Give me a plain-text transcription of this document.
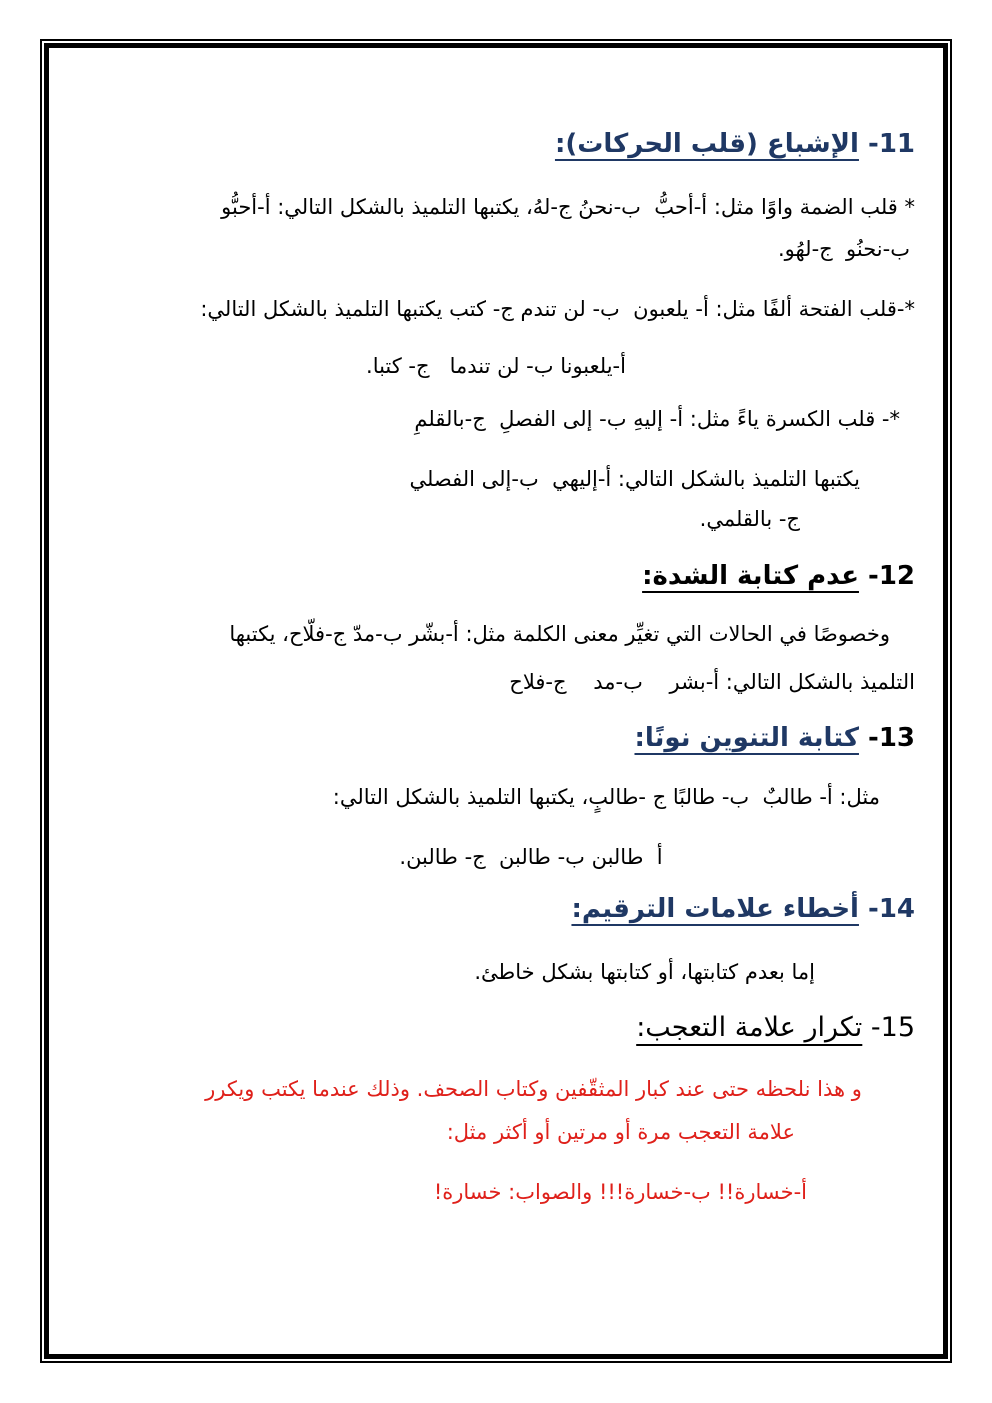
11- الإشباع (قلب الحركات):
* قلب الضمة واوًا مثل: أ-أحبُّ  ب-نحنُ ج-لهُ، يكتبها التلميذ بالشكل التالي: أ-أحبُّو
ب-نحنُو  ج-لهُو.
*-قلب الفتحة ألفًا مثل: أ- يلعبون  ب- لن تندم ج- كتب يكتبها التلميذ بالشكل التالي:
أ-يلعبونا ب- لن تندما   ج- كتبا.
*- قلب الكسرة ياءً مثل: أ- إليهِ ب- إلى الفصلِ  ج-بالقلمِ
يكتبها التلميذ بالشكل التالي: أ-إليهي  ب-إلى الفصلي
ج- بالقلمي.
12- عدم كتابة الشدة:
وخصوصًا في الحالات التي تغيِّر معنى الكلمة مثل: أ-بشّر ب-مدّ ج-فلّاح، يكتبها
التلميذ بالشكل التالي: أ-بشر    ب-مد    ج-فلاح
13- كتابة التنوين نونًا:
مثل: أ- طالبٌ  ب- طالبًا ج -طالبٍ، يكتبها التلميذ بالشكل التالي:
أ  طالبن ب- طالبن  ج- طالبن.
14- أخطاء علامات الترقيم:
إما بعدم كتابتها، أو كتابتها بشكل خاطئ.
15- تكرار علامة التعجب:
و هذا نلحظه حتى عند كبار المثقّفين وكتاب الصحف. وذلك عندما يكتب ويكرر
علامة التعجب مرة أو مرتين أو أكثر مثل:
أ-خسارة!! ب-خسارة!!! والصواب: خسارة!
